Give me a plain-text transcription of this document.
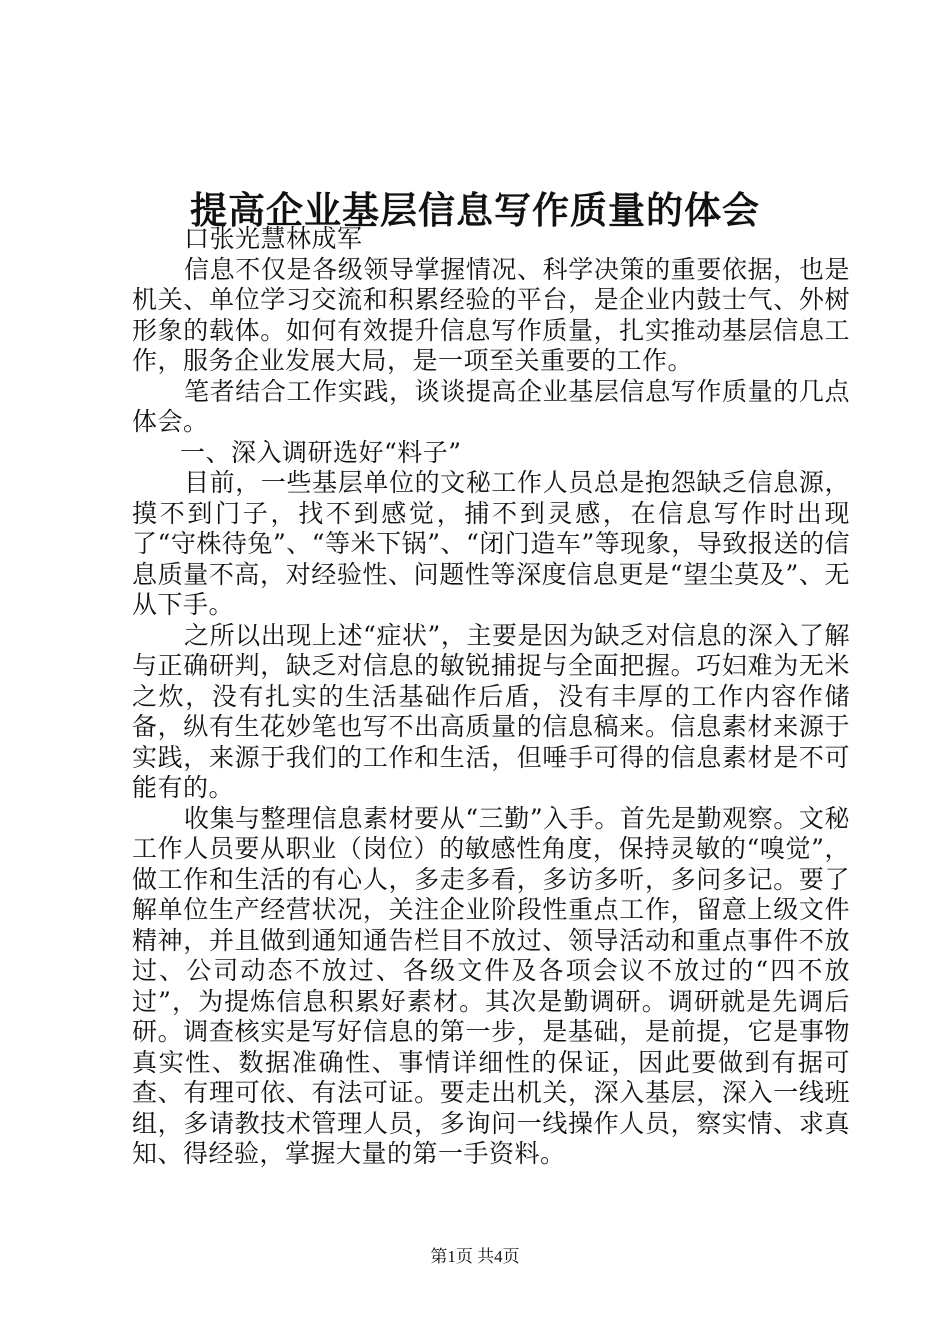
提高企业基层信息写作质量的体会

口张光慧林成军

信息不仅是各级领导掌握情况、科学决策的重要依据，也是机关、单位学习交流和积累经验的平台，是企业内鼓士气、外树形象的载体。如何有效提升信息写作质量，扎实推动基层信息工作，服务企业发展大局，是一项至关重要的工作。

笔者结合工作实践，谈谈提高企业基层信息写作质量的几点体会。

一、深入调研选好“料子”

目前，一些基层单位的文秘工作人员总是抱怨缺乏信息源，摸不到门子，找不到感觉，捕不到灵感，在信息写作时出现了“守株待兔”、“等米下锅”、“闭门造车”等现象，导致报送的信息质量不高，对经验性、问题性等深度信息更是“望尘莫及”、无从下手。

之所以出现上述“症状”，主要是因为缺乏对信息的深入了解与正确研判，缺乏对信息的敏锐捕捉与全面把握。巧妇难为无米之炊，没有扎实的生活基础作后盾，没有丰厚的工作内容作储备，纵有生花妙笔也写不出高质量的信息稿来。信息素材来源于实践，来源于我们的工作和生活，但唾手可得的信息素材是不可能有的。

收集与整理信息素材要从“三勤”入手。首先是勤观察。文秘工作人员要从职业（岗位）的敏感性角度，保持灵敏的“嗅觉”，做工作和生活的有心人，多走多看，多访多听，多问多记。要了解单位生产经营状况，关注企业阶段性重点工作，留意上级文件精神，并且做到通知通告栏目不放过、领导活动和重点事件不放过、公司动态不放过、各级文件及各项会议不放过的“四不放过”，为提炼信息积累好素材。其次是勤调研。调研就是先调后研。调查核实是写好信息的第一步，是基础，是前提，它是事物真实性、数据准确性、事情详细性的保证，因此要做到有据可查、有理可依、有法可证。要走出机关，深入基层，深入一线班组，多请教技术管理人员，多询问一线操作人员，察实情、求真知、得经验，掌握大量的第一手资料。

第1页 共4页
